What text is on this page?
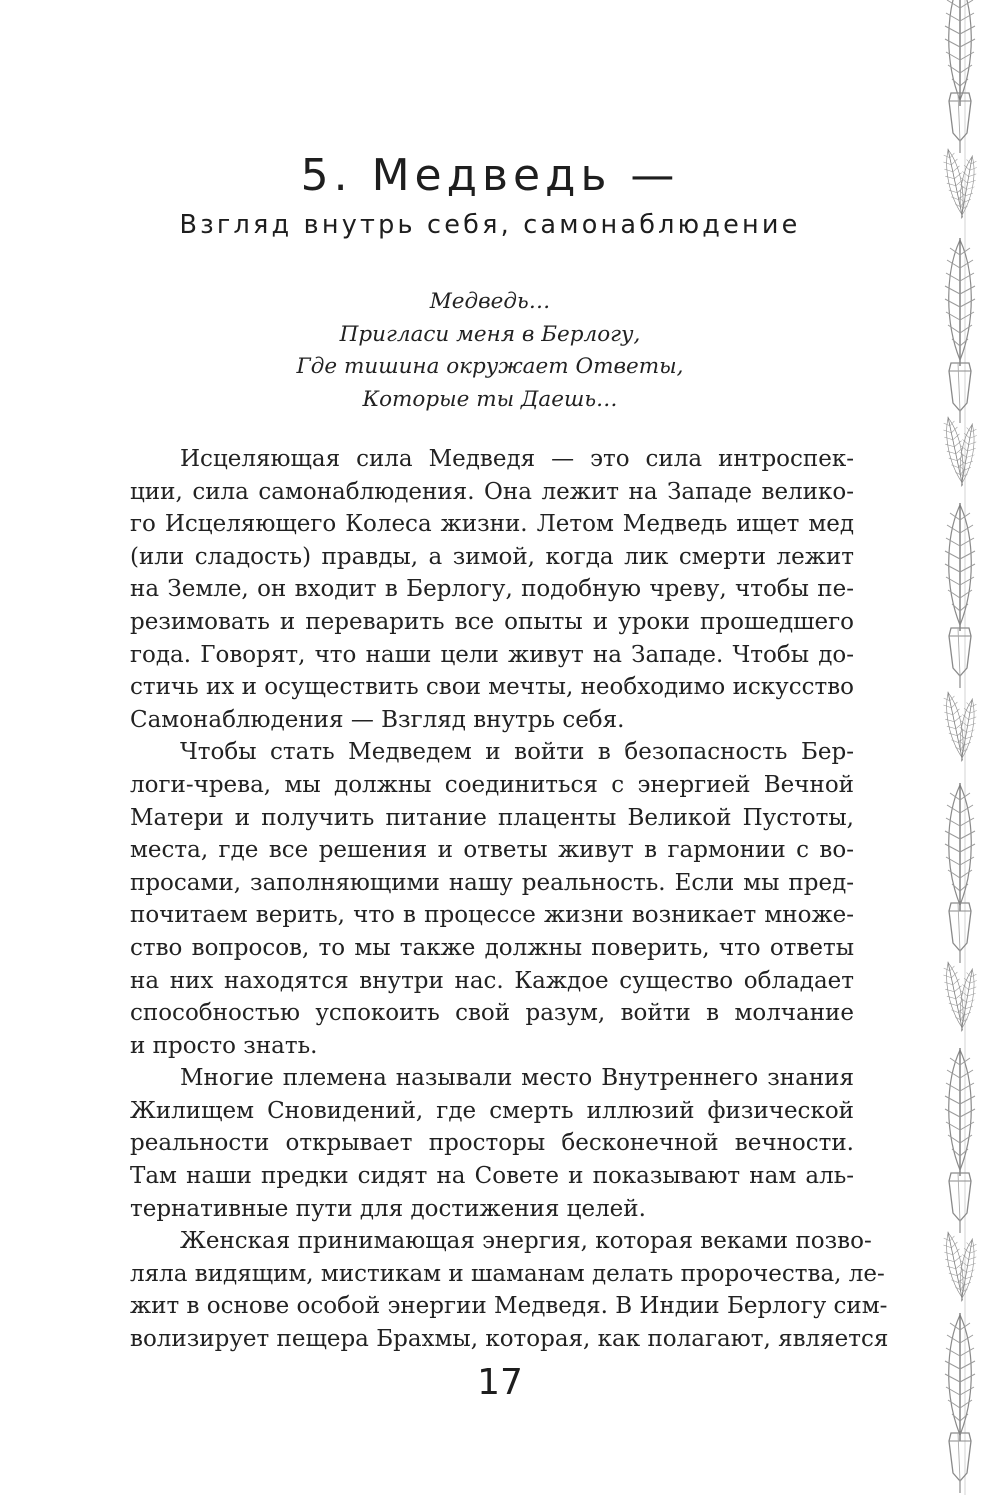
5. Медведь —
Взгляд внутрь себя, самонаблюдение
Медведь…
Пригласи меня в Берлогу,
Где тишина окружает Ответы,
Которые ты Даешь…
Исцеляющая сила Медведя — это сила интроспек-
ции, сила самонаблюдения. Она лежит на Западе велико-
го Исцеляющего Колеса жизни. Летом Медведь ищет мед
(или сладость) правды, а зимой, когда лик смерти лежит
на Земле, он входит в Берлогу, подобную чреву, чтобы пе-
резимовать и переварить все опыты и уроки прошедшего
года. Говорят, что наши цели живут на Западе. Чтобы до-
стичь их и осуществить свои мечты, необходимо искусство
Самонаблюдения — Взгляд внутрь себя.
Чтобы стать Медведем и войти в безопасность Бер-
логи-чрева, мы должны соединиться с энергией Вечной
Матери и получить питание плаценты Великой Пустоты,
места, где все решения и ответы живут в гармонии с во-
просами, заполняющими нашу реальность. Если мы пред-
почитаем верить, что в процессе жизни возникает множе-
ство вопросов, то мы также должны поверить, что ответы
на них находятся внутри нас. Каждое существо обладает
способностью успокоить свой разум, войти в молчание
и просто знать.
Многие племена называли место Внутреннего знания
Жилищем Сновидений, где смерть иллюзий физической
реальности открывает просторы бесконечной вечности.
Там наши предки сидят на Совете и показывают нам аль-
тернативные пути для достижения целей.
Женская принимающая энергия, которая веками позво-
ляла видящим, мистикам и шаманам делать пророчества, ле-
жит в основе особой энергии Медведя. В Индии Берлогу сим-
волизирует пещера Брахмы, которая, как полагают, является
17
